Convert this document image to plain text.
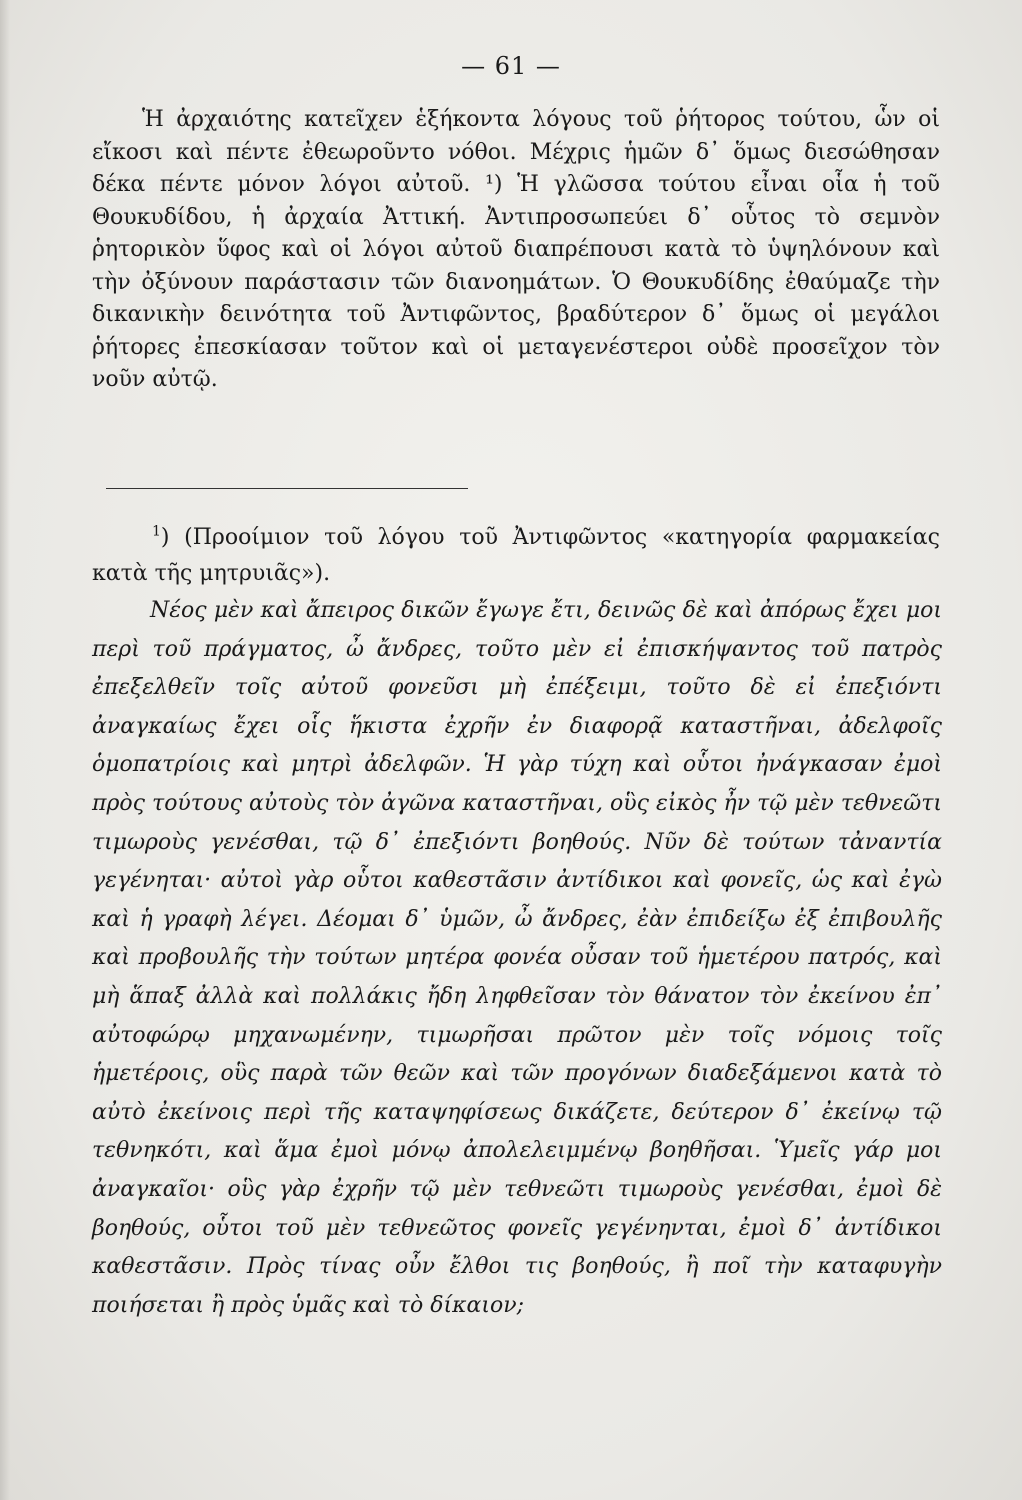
— 61 —

Ἡ ἀρχαιότης κατεῖχεν ἑξήκοντα λόγους τοῦ ῥήτορος τούτου, ὧν οἱ εἴκοσι καὶ πέντε ἐθεωροῦντο νόθοι. Μέχρις ἡμῶν δ᾽ ὅμως διεσώθησαν δέκα πέντε μόνον λόγοι αὐτοῦ. ¹) Ἡ γλῶσσα τούτου εἶναι οἷα ἡ τοῦ Θουκυδίδου, ἡ ἀρχαία Ἀττική. Ἀντιπροσωπεύει δ᾽ οὗτος τὸ σεμνὸν ῥητορικὸν ὕφος καὶ οἱ λόγοι αὐτοῦ διαπρέπουσι κατὰ τὸ ὑψηλόνουν καὶ τὴν ὀξύνουν παράστασιν τῶν διανοημάτων. Ὁ Θουκυδίδης ἐθαύμαζε τὴν δικανικὴν δεινότητα τοῦ Ἀντιφῶντος, βραδύτερον δ᾽ ὅμως οἱ μεγάλοι ῥήτορες ἐπεσκίασαν τοῦτον καὶ οἱ μεταγενέστεροι οὐδὲ προσεῖχον τὸν νοῦν αὐτῷ.

$^1$) (Προοίμιον τοῦ λόγου τοῦ Ἀντιφῶντος «κατηγορία φαρμακείας κατὰ τῆς μητρυιᾶς»).

Νέος μὲν καὶ ἄπειρος δικῶν ἔγωγε ἔτι, δεινῶς δὲ καὶ ἀπόρως ἔχει μοι περὶ τοῦ πράγματος, ὦ ἄνδρες, τοῦτο μὲν εἰ ἐπισκήψαντος τοῦ πατρὸς ἐπεξελθεῖν τοῖς αὐτοῦ φονεῦσι μὴ ἐπέξειμι, τοῦτο δὲ εἰ ἐπεξιόντι ἀναγκαίως ἔχει οἷς ἥκιστα ἐχρῆν ἐν διαφορᾷ καταστῆναι, ἀδελφοῖς ὁμοπατρίοις καὶ μητρὶ ἀδελφῶν. Ἡ γὰρ τύχη καὶ οὗτοι ἠνάγκασαν ἐμοὶ πρὸς τούτους αὐτοὺς τὸν ἀγῶνα καταστῆναι, οὓς εἰκὸς ἦν τῷ μὲν τεθνεῶτι τιμωροὺς γενέσθαι, τῷ δ᾽ ἐπεξιόντι βοηθούς. Νῦν δὲ τούτων τἀναντία γεγένηται· αὐτοὶ γὰρ οὗτοι καθεστᾶσιν ἀντίδικοι καὶ φονεῖς, ὡς καὶ ἐγὼ καὶ ἡ γραφὴ λέγει. Δέομαι δ᾽ ὑμῶν, ὦ ἄνδρες, ἐὰν ἐπιδείξω ἐξ ἐπιβουλῆς καὶ προβουλῆς τὴν τούτων μητέρα φονέα οὖσαν τοῦ ἡμετέρου πατρός, καὶ μὴ ἅπαξ ἀλλὰ καὶ πολλάκις ἤδη ληφθεῖσαν τὸν θάνατον τὸν ἐκείνου ἐπ᾽ αὐτοφώρῳ μηχανωμένην, τιμωρῆσαι πρῶτον μὲν τοῖς νόμοις τοῖς ἡμετέροις, οὓς παρὰ τῶν θεῶν καὶ τῶν προγόνων διαδεξάμενοι κατὰ τὸ αὐτὸ ἐκείνοις περὶ τῆς καταψηφίσεως δικάζετε, δεύτερον δ᾽ ἐκείνῳ τῷ τεθνηκότι, καὶ ἅμα ἐμοὶ μόνῳ ἀπολελειμμένῳ βοηθῆσαι. Ὑμεῖς γάρ μοι ἀναγκαῖοι· οὓς γὰρ ἐχρῆν τῷ μὲν τεθνεῶτι τιμωροὺς γενέσθαι, ἐμοὶ δὲ βοηθούς, οὗτοι τοῦ μὲν τεθνεῶτος φονεῖς γεγένηνται, ἐμοὶ δ᾽ ἀντίδικοι καθεστᾶσιν. Πρὸς τίνας οὖν ἔλθοι τις βοηθούς, ἢ ποῖ τὴν καταφυγὴν ποιήσεται ἢ πρὸς ὑμᾶς καὶ τὸ δίκαιον;
